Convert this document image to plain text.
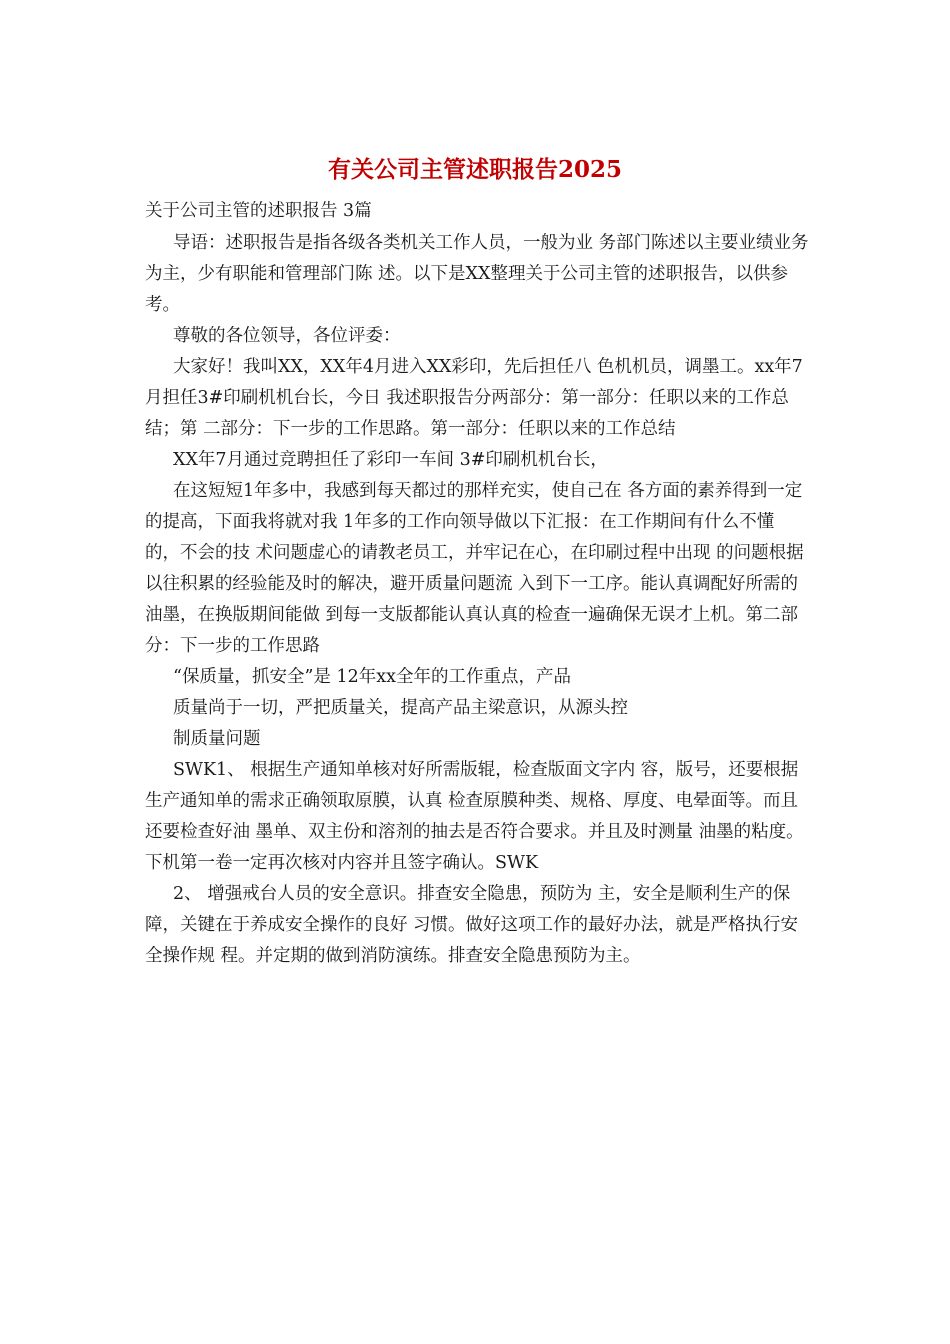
有关公司主管述职报告2025

关于公司主管的述职报告 3篇

导语：述职报告是指各级各类机关工作人员，一般为业 务部门陈述以主要业绩业务为主，少有职能和管理部门陈 述。以下是XX整理关于公司主管的述职报告，以供参考。

尊敬的各位领导，各位评委：

大家好！我叫XX，XX年4月进入XX彩印，先后担任八 色机机员，调墨工。xx年7月担任3#印刷机机台长，今日 我述职报告分两部分：第一部分：任职以来的工作总结；第 二部分：下一步的工作思路。第一部分：任职以来的工作总结

XX年7月通过竞聘担任了彩印一车间 3#印刷机机台长，

在这短短1年多中，我感到每天都过的那样充实，使自己在 各方面的素养得到一定的提高，下面我将就对我 1年多的工作向领导做以下汇报：在工作期间有什么不懂的，不会的技 术问题虚心的请教老员工，并牢记在心，在印刷过程中出现 的问题根据以往积累的经验能及时的解决，避开质量问题流 入到下一工序。能认真调配好所需的油墨，在换版期间能做 到每一支版都能认真认真的检查一遍确保无误才上机。第二部分：下一步的工作思路

“保质量，抓安全”是 12年xx全年的工作重点，产品

质量尚于一切，严把质量关，提高产品主梁意识，从源头控

制质量问题

SWK1、 根据生产通知单核对好所需版辊，检查版面文字内 容，版号，还要根据生产通知单的需求正确领取原膜，认真 检查原膜种类、规格、厚度、电晕面等。而且还要检查好油 墨单、双主份和溶剂的抽去是否符合要求。并且及时测量 油墨的粘度。下机第一卷一定再次核对内容并且签字确认。SWK

2、 增强戒台人员的安全意识。排查安全隐患，预防为 主，安全是顺利生产的保障，关键在于养成安全操作的良好 习惯。做好这项工作的最好办法，就是严格执行安全操作规 程。并定期的做到消防演练。排查安全隐患预防为主。
